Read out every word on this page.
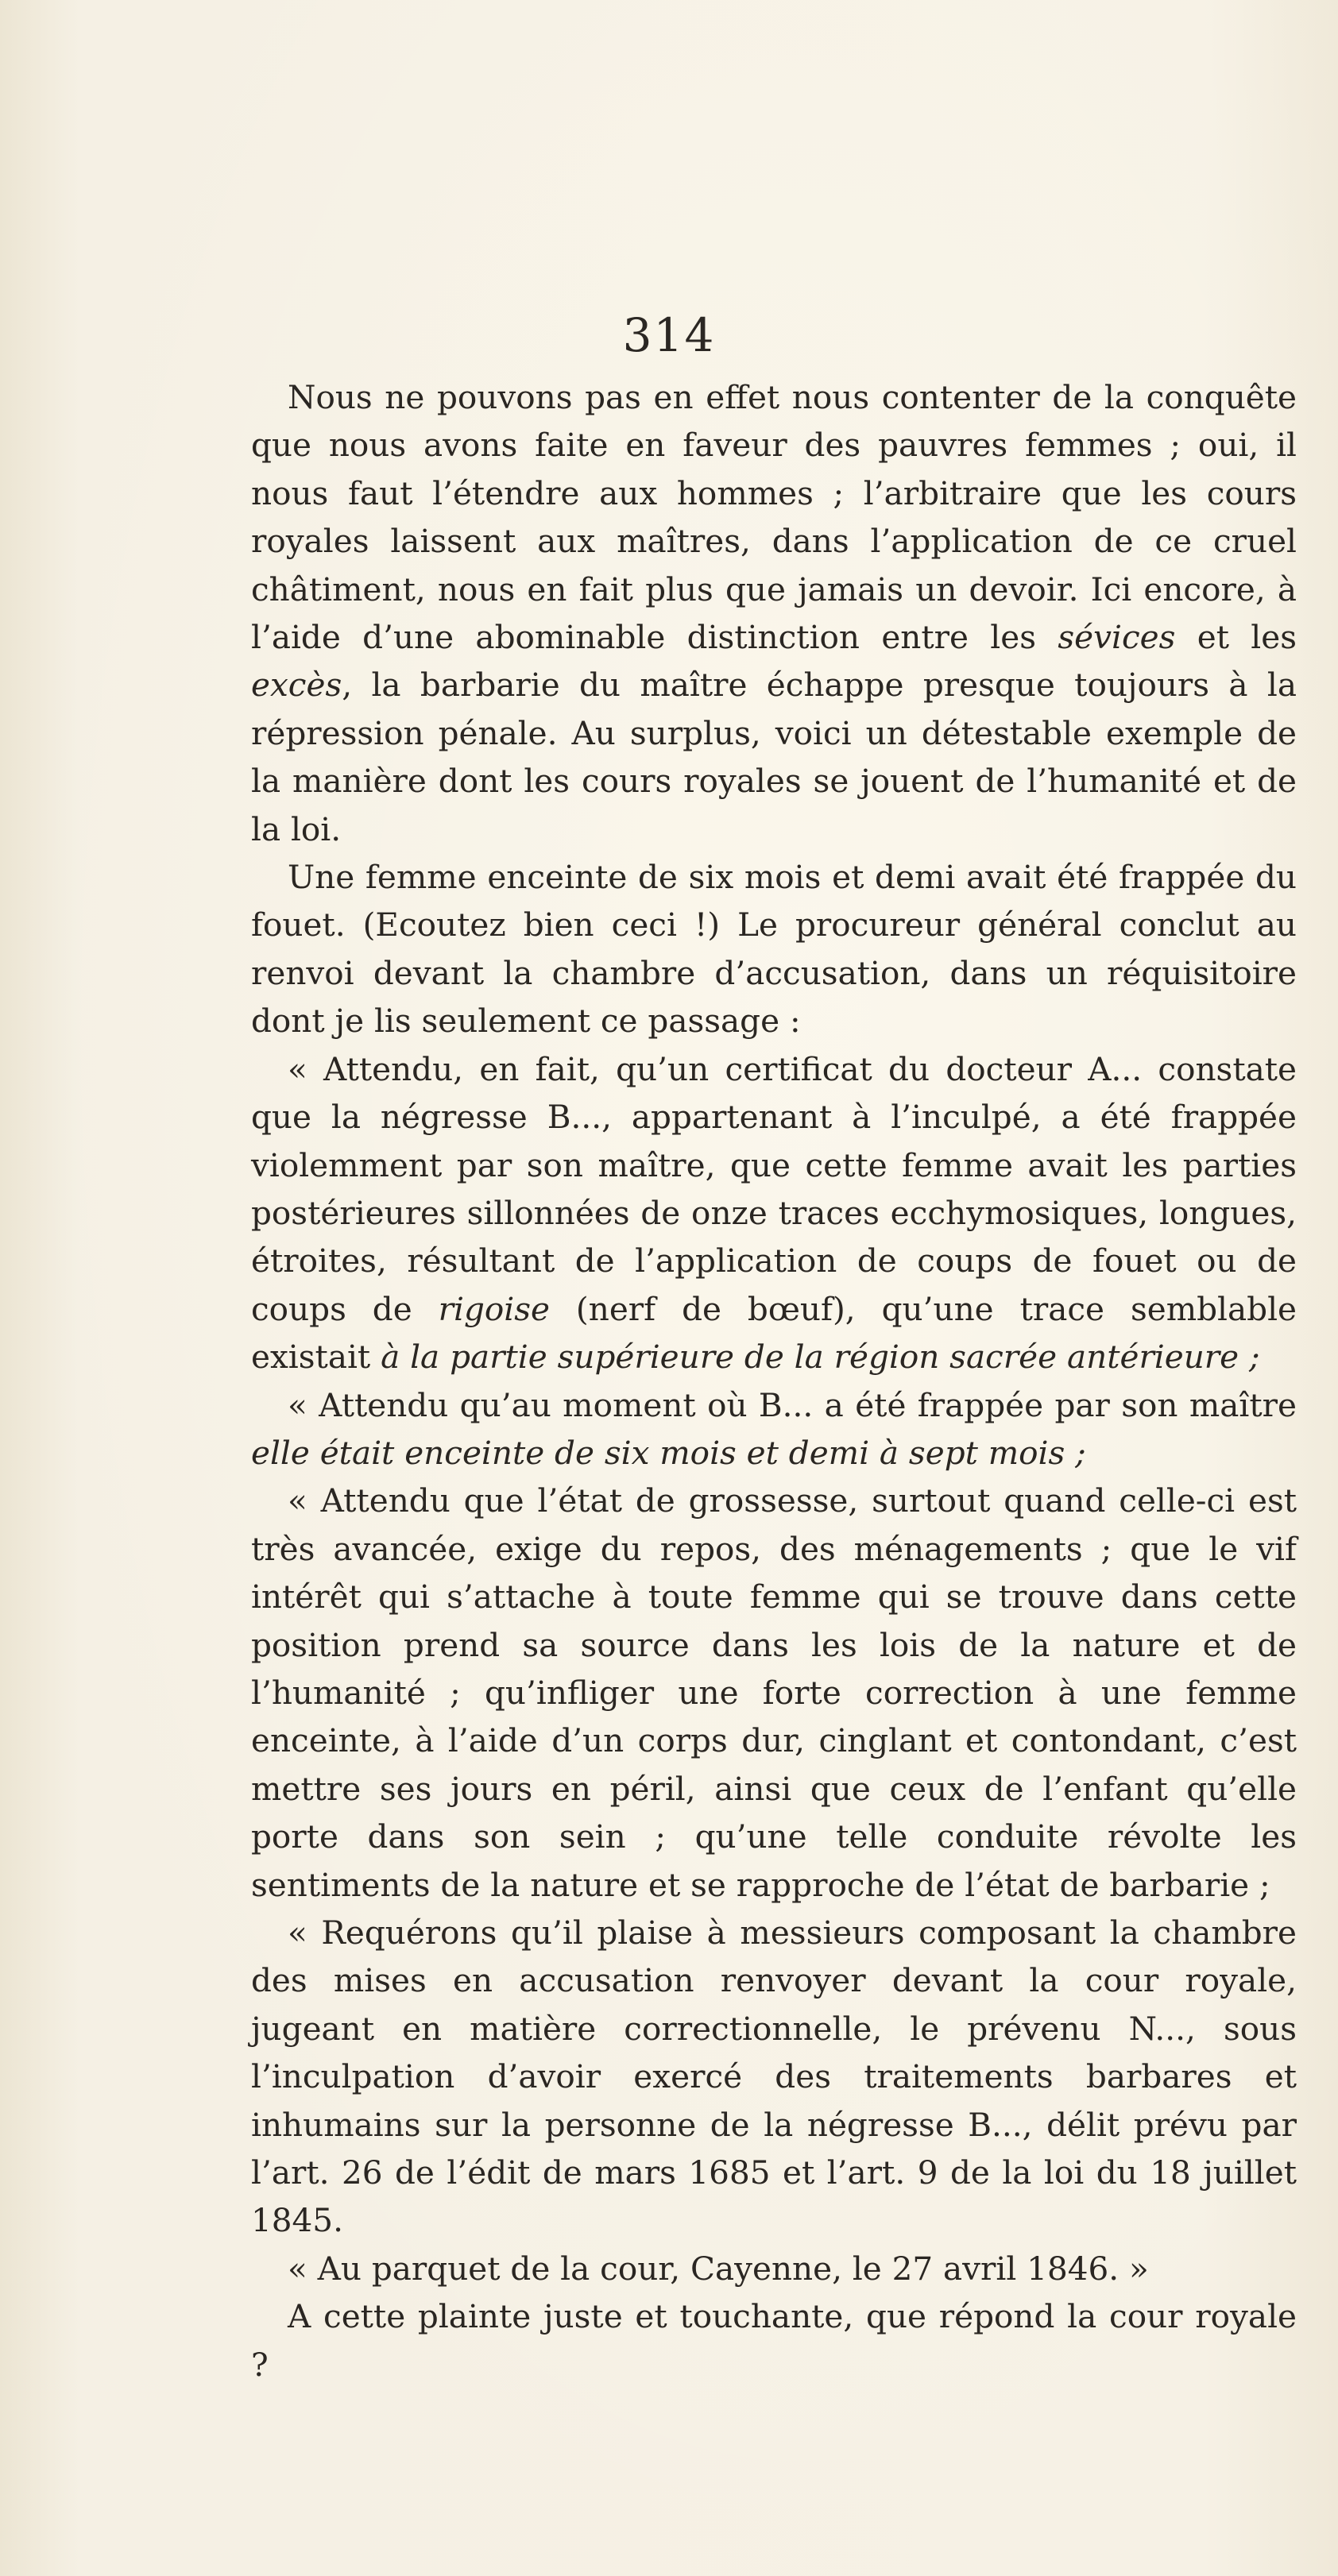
314

Nous ne pouvons pas en effet nous contenter de la conquête que nous avons faite en faveur des pauvres femmes ; oui, il nous faut l’étendre aux hommes ; l’arbitraire que les cours royales laissent aux maîtres, dans l’application de ce cruel châtiment, nous en fait plus que jamais un devoir. Ici encore, à l’aide d’une abominable distinction entre les sévices et les excès, la barbarie du maître échappe presque toujours à la répression pénale. Au surplus, voici un détestable exemple de la manière dont les cours royales se jouent de l’humanité et de la loi.

Une femme enceinte de six mois et demi avait été frappée du fouet. (Ecoutez bien ceci !) Le procureur général conclut au renvoi devant la chambre d’accusation, dans un réquisitoire dont je lis seulement ce passage :

« Attendu, en fait, qu’un certificat du docteur A... constate que la négresse B..., appartenant à l’inculpé, a été frappée violemment par son maître, que cette femme avait les parties postérieures sillonnées de onze traces ecchymosiques, longues, étroites, résultant de l’application de coups de fouet ou de coups de rigoise (nerf de bœuf), qu’une trace semblable existait à la partie supérieure de la région sacrée antérieure ;

« Attendu qu’au moment où B... a été frappée par son maître elle était enceinte de six mois et demi à sept mois ;

« Attendu que l’état de grossesse, surtout quand celle-ci est très avancée, exige du repos, des ménagements ; que le vif intérêt qui s’attache à toute femme qui se trouve dans cette position prend sa source dans les lois de la nature et de l’humanité ; qu’infliger une forte correction à une femme enceinte, à l’aide d’un corps dur, cinglant et contondant, c’est mettre ses jours en péril, ainsi que ceux de l’enfant qu’elle porte dans son sein ; qu’une telle conduite révolte les sentiments de la nature et se rapproche de l’état de barbarie ;

« Requérons qu’il plaise à messieurs composant la chambre des mises en accusation renvoyer devant la cour royale, jugeant en matière correctionnelle, le prévenu N..., sous l’inculpation d’avoir exercé des traitements barbares et inhumains sur la personne de la négresse B..., délit prévu par l’art. 26 de l’édit de mars 1685 et l’art. 9 de la loi du 18 juillet 1845.

« Au parquet de la cour, Cayenne, le 27 avril 1846. »

A cette plainte juste et touchante, que répond la cour royale ?
